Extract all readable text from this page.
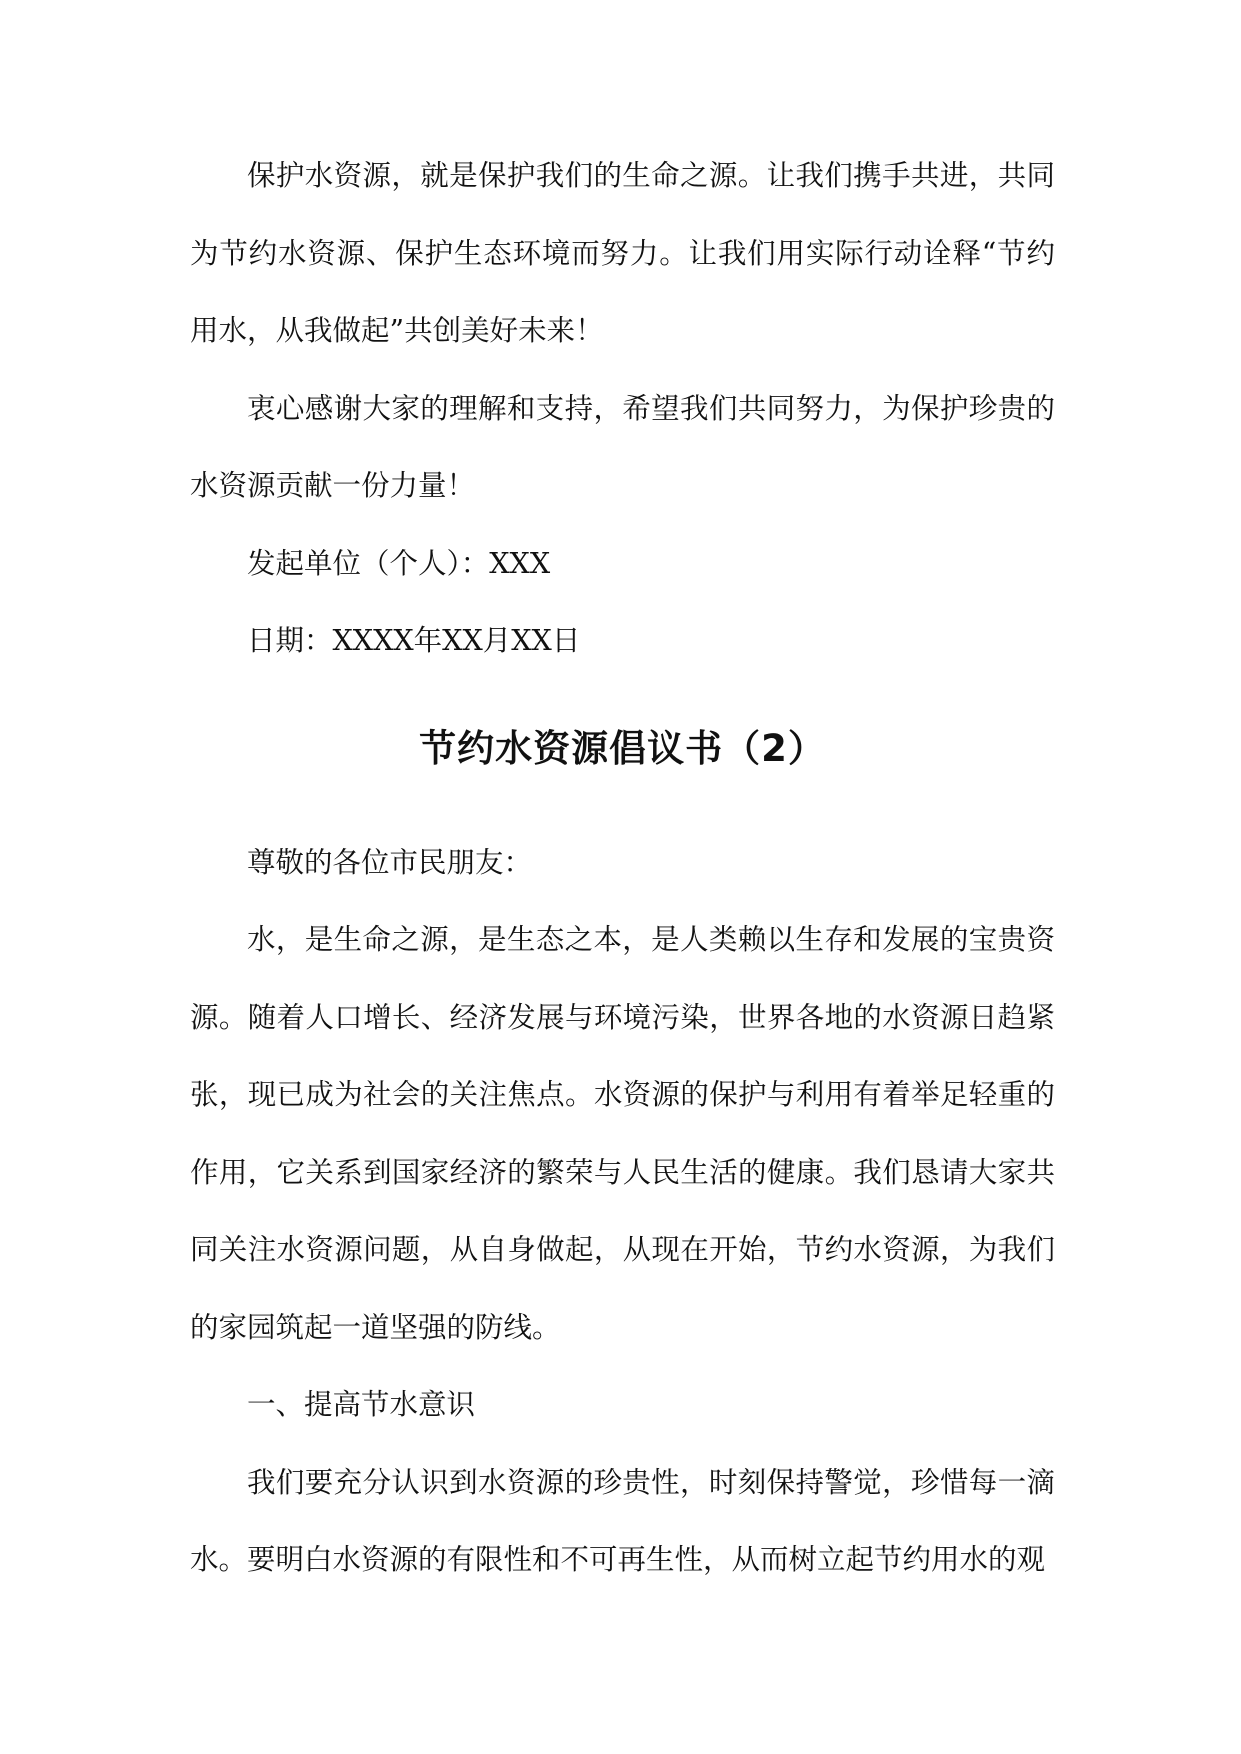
保护水资源，就是保护我们的生命之源。让我们携手共进，共同为节约水资源、保护生态环境而努力。让我们用实际行动诠释“节约用水，从我做起”共创美好未来！

衷心感谢大家的理解和支持，希望我们共同努力，为保护珍贵的水资源贡献一份力量！

发起单位（个人）：XXX

日期：XXXX年XX月XX日

节约水资源倡议书（2）

尊敬的各位市民朋友：

水，是生命之源，是生态之本，是人类赖以生存和发展的宝贵资源。随着人口增长、经济发展与环境污染，世界各地的水资源日趋紧张，现已成为社会的关注焦点。水资源的保护与利用有着举足轻重的作用，它关系到国家经济的繁荣与人民生活的健康。我们恳请大家共同关注水资源问题，从自身做起，从现在开始，节约水资源，为我们的家园筑起一道坚强的防线。

一、提高节水意识

我们要充分认识到水资源的珍贵性，时刻保持警觉，珍惜每一滴水。要明白水资源的有限性和不可再生性，从而树立起节约用水的观
